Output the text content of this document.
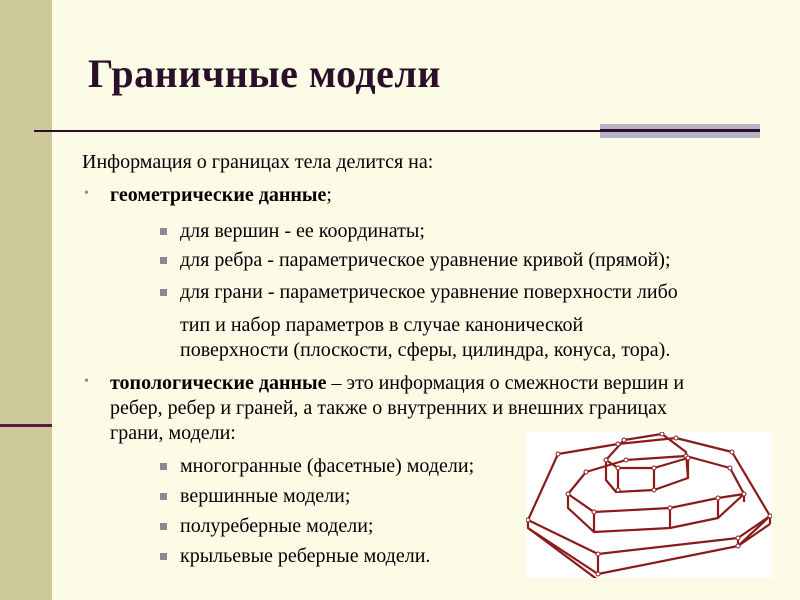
Граничные модели
Информация о границах тела делится на:
• геометрические данные;
для вершин - ее координаты;
для ребра - параметрическое уравнение кривой (прямой);
для грани - параметрическое уравнение поверхности либо
тип и набор параметров в случае канонической
поверхности (плоскости, сферы, цилиндра, конуса, тора).
• топологические данные – это информация о смежности вершин и
ребер, ребер и граней, а также о внутренних и внешних границах
грани, модели:
многогранные (фасетные) модели;
вершинные модели;
полуреберные модели;
крыльевые реберные модели.
